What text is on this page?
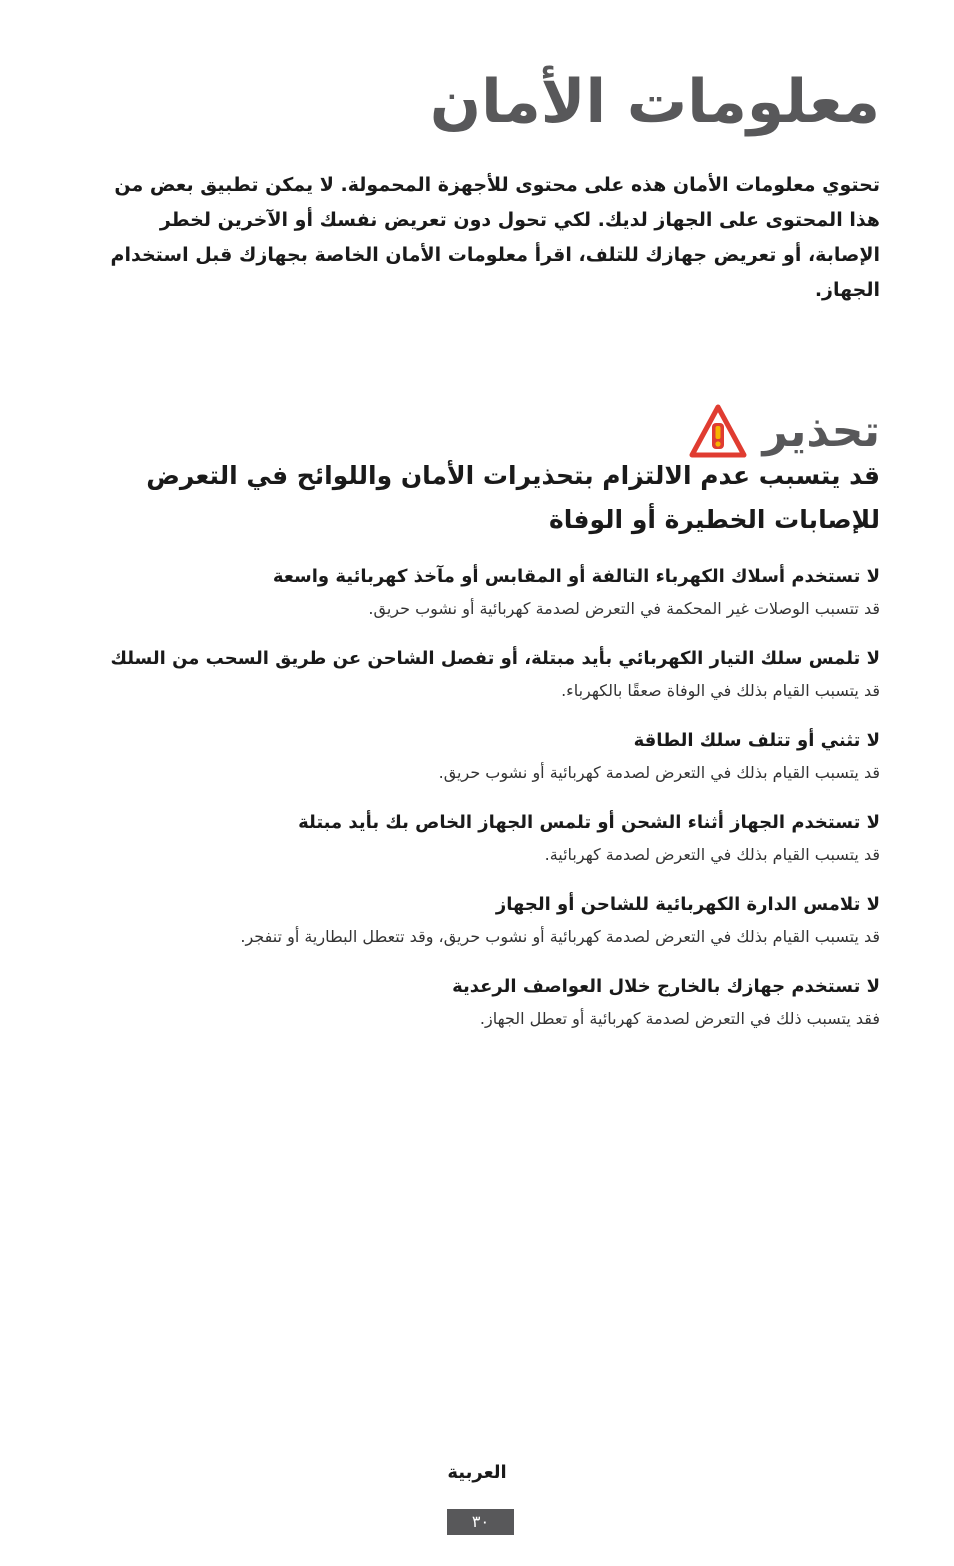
معلومات الأمان

تحتوي معلومات الأمان هذه على محتوى للأجهزة المحمولة. لا يمكن تطبيق بعض من هذا المحتوى على الجهاز لديك. لكي تحول دون تعريض نفسك أو الآخرين لخطر الإصابة، أو تعريض جهازك للتلف، اقرأ معلومات الأمان الخاصة بجهازك قبل استخدام الجهاز.

تحذير
قد يتسبب عدم الالتزام بتحذيرات الأمان واللوائح في التعرض للإصابات الخطيرة أو الوفاة

لا تستخدم أسلاك الكهرباء التالفة أو المقابس أو مآخذ كهربائية واسعة

قد تتسبب الوصلات غير المحكمة في التعرض لصدمة كهربائية أو نشوب حريق.

لا تلمس سلك التيار الكهربائي بأيد مبتلة، أو تفصل الشاحن عن طريق السحب من السلك

قد يتسبب القيام بذلك في الوفاة صعقًا بالكهرباء.

لا تثني أو تتلف سلك الطاقة

قد يتسبب القيام بذلك في التعرض لصدمة كهربائية أو نشوب حريق.

لا تستخدم الجهاز أثناء الشحن أو تلمس الجهاز الخاص بك بأيد مبتلة

قد يتسبب القيام بذلك في التعرض لصدمة كهربائية.

لا تلامس الدارة الكهربائية للشاحن أو الجهاز

قد يتسبب القيام بذلك في التعرض لصدمة كهربائية أو نشوب حريق، وقد تتعطل البطارية أو تنفجر.

لا تستخدم جهازك بالخارج خلال العواصف الرعدية

فقد يتسبب ذلك في التعرض لصدمة كهربائية أو تعطل الجهاز.

العربية

٣٠
